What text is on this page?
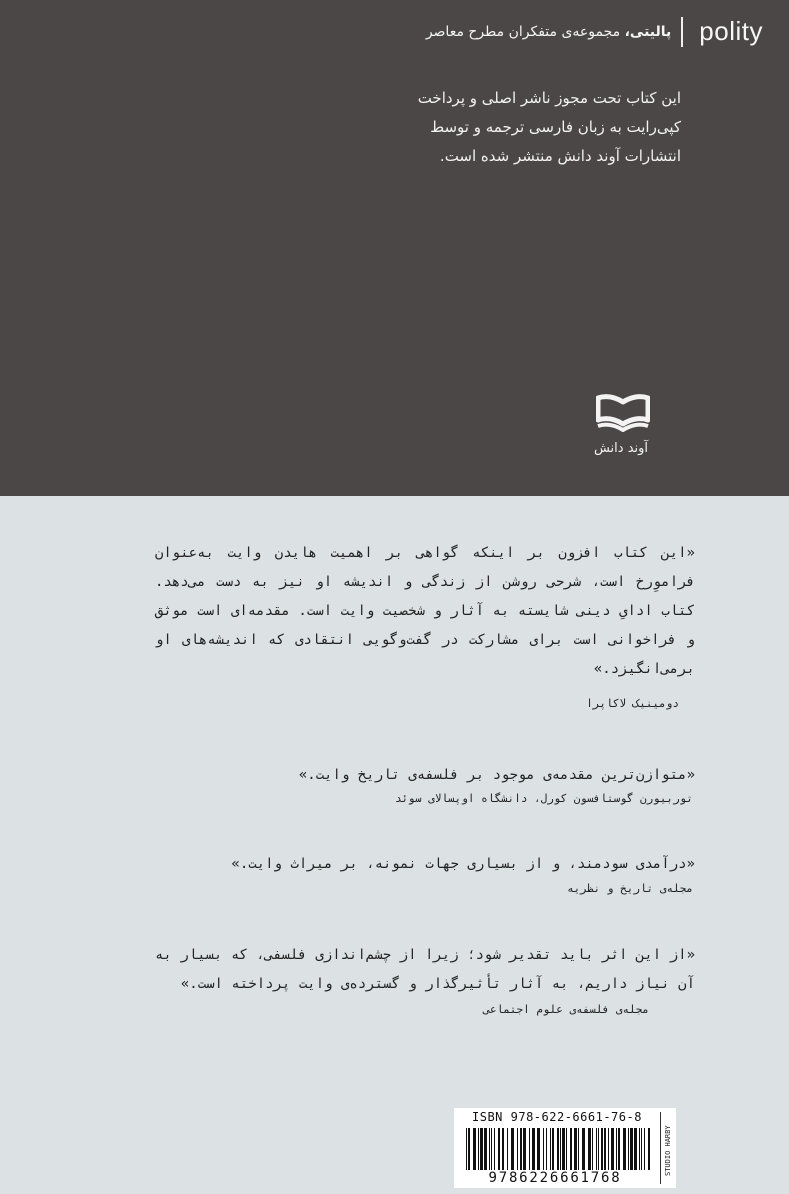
پالیتی، مجموعه‌ی متفکران مطرح معاصر	polity
این کتاب تحت مجوز ناشر اصلی و پرداخت کپی‌رایت به زبان فارسی ترجمه و توسط انتشارات آوند دانش منتشر شده است.
آوند دانش
«این کتاب افزون بر اینکه گواهی بر اهمیت هایدن وایت به‌عنوان فراموِرخ است، شرحی روشن از زندگی و اندیشه او نیز به دست می‌دهد. کتاب ادایِ دینی شایسته به آثار و شخصیت وایت است. مقدمه‌ای است موثق و فراخوانی است برای مشارکت در گفت‌وگویی انتقادی که اندیشه‌های او برمی‌انگیزد.»
دومینیک لاکاپرا
«متوازن‌ترین مقدمه‌ی موجود بر فلسفه‌ی تاریخ وایت.»
توربیورن گوستافسون کورل، دانشگاه اوپسالای سوئد
«درآمدی سودمند، و از بسیاری جهات نمونه، بر میراث وایت.»
مجله‌ی تاریخ و نظریه
«از این اثر باید تقدیر شود؛ زیرا از چشم‌اندازی فلسفی، که بسیار به آن نیاز داریم، به آثار تأثیرگذار و گسترده‌ی وایت پرداخته است.»
مجله‌ی فلسفه‌ی علوم اجتماعی
ISBN 978-622-6661-76-8
9786226661768
STUDIO HARBY
